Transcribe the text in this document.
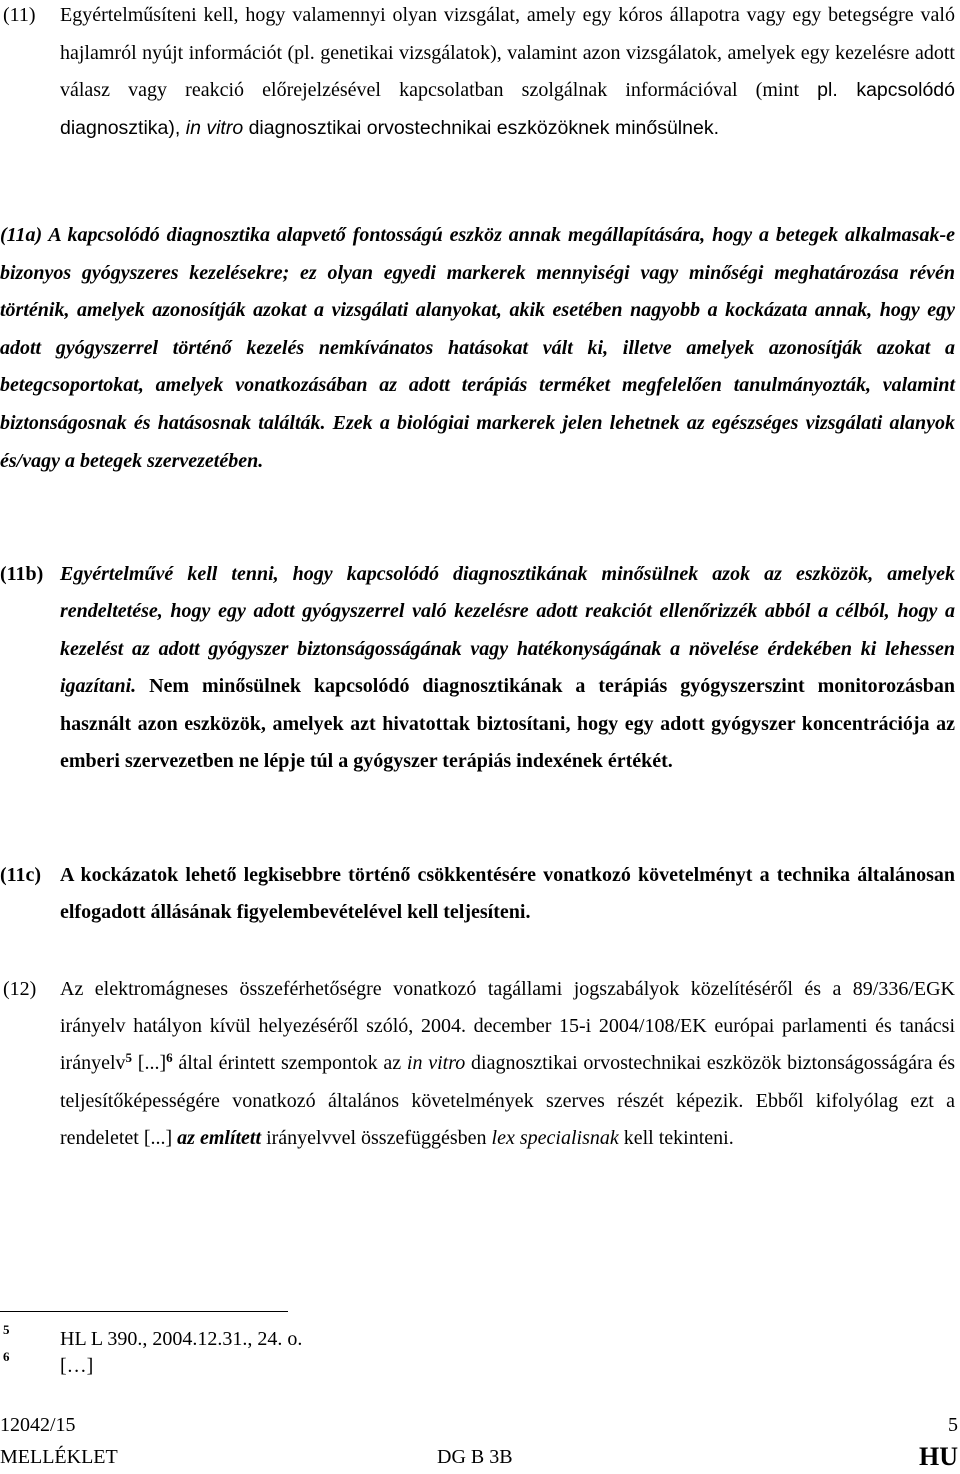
(11) Egyértelműsíteni kell, hogy valamennyi olyan vizsgálat, amely egy kóros állapotra vagy egy betegségre való hajlamról nyújt információt (pl. genetikai vizsgálatok), valamint azon vizsgálatok, amelyek egy kezelésre adott válasz vagy reakció előrejelzésével kapcsolatban szolgálnak információval (mint pl. kapcsolódó diagnosztika), in vitro diagnosztikai orvostechnikai eszközöknek minősülnek.
(11a) A kapcsolódó diagnosztika alapvető fontosságú eszköz annak megállapítására, hogy a betegek alkalmasak-e bizonyos gyógyszeres kezelésekre; ez olyan egyedi markerek mennyiségi vagy minőségi meghatározása révén történik, amelyek azonosítják azokat a vizsgálati alanyokat, akik esetében nagyobb a kockázata annak, hogy egy adott gyógyszerrel történő kezelés nemkívánatos hatásokat vált ki, illetve amelyek azonosítják azokat a betegcsoportokat, amelyek vonatkozásában az adott terápiás terméket megfelelően tanulmányozták, valamint biztonságosnak és hatásosnak találták. Ezek a biológiai markerek jelen lehetnek az egészséges vizsgálati alanyok és/vagy a betegek szervezetében.
(11b) Egyértelművé kell tenni, hogy kapcsolódó diagnosztikának minősülnek azok az eszközök, amelyek rendeltetése, hogy egy adott gyógyszerrel való kezelésre adott reakciót ellenőrizzék abból a célból, hogy a kezelést az adott gyógyszer biztonságosságának vagy hatékonyságának a növelése érdekében ki lehessen igazítani. Nem minősülnek kapcsolódó diagnosztikának a terápiás gyógyszerszint monitorozásban használt azon eszközök, amelyek azt hivatottak biztosítani, hogy egy adott gyógyszer koncentrációja az emberi szervezetben ne lépje túl a gyógyszer terápiás indexének értékét.
(11c) A kockázatok lehető legkisebbre történő csökkentésére vonatkozó követelményt a technika általánosan elfogadott állásának figyelembevételével kell teljesíteni.
(12) Az elektromágneses összeférhetőségre vonatkozó tagállami jogszabályok közelítéséről és a 89/336/EGK irányelv hatályon kívül helyezéséről szóló, 2004. december 15-i 2004/108/EK európai parlamenti és tanácsi irányelv$^5$ [...]$^6$ által érintett szempontok az in vitro diagnosztikai orvostechnikai eszközök biztonságosságára és teljesítőképességére vonatkozó általános követelmények szerves részét képezik. Ebből kifolyólag ezt a rendeletet [...] az említett irányelvvel összefüggésben lex specialisnak kell tekinteni.
5	HL L 390., 2004.12.31., 24. o.
6	[…]
12042/15	5
MELLÉKLET	DG B 3B	HU
